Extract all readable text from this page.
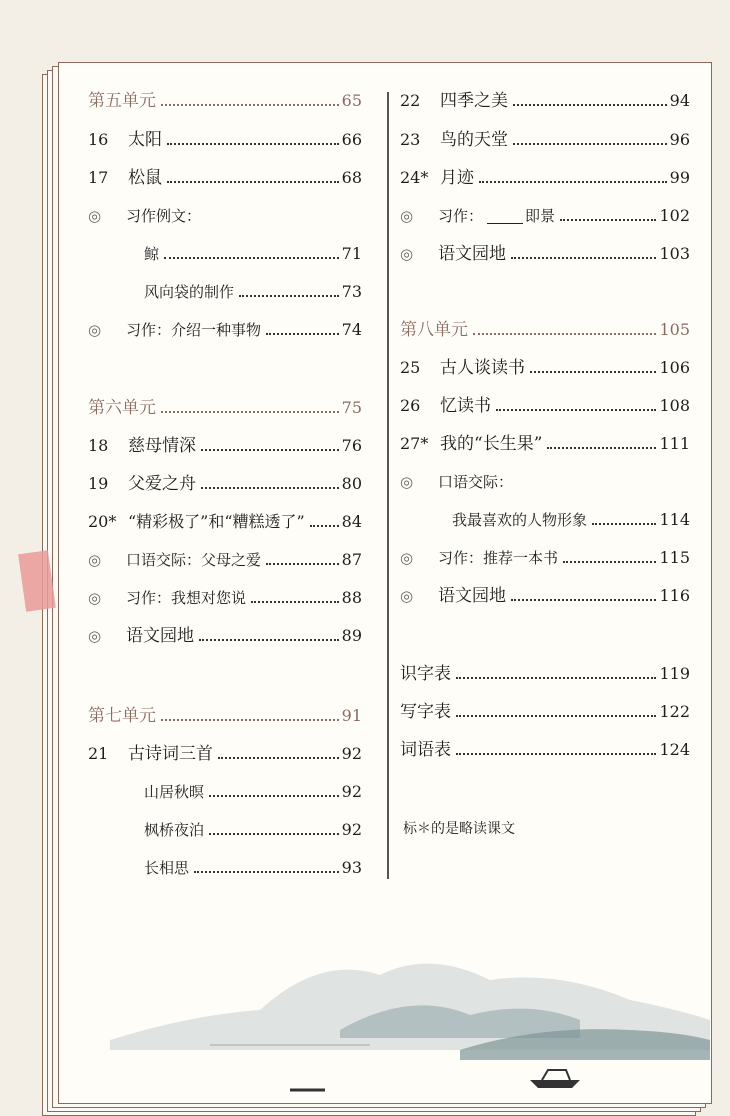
第五单元	65
16	太阳	66
17	松鼠	68
◎	习作例文：
鲸	71
风向袋的制作	73
◎	习作：介绍一种事物	74
第六单元	75
18	慈母情深	76
19	父爱之舟	80
20* “精彩极了”和“糟糕透了” 84
◎	口语交际：父母之爱	87
◎	习作：我想对您说	88
◎	语文园地	89
第七单元	91
21	古诗词三首	92
山居秋暝	92
枫桥夜泊	92
长相思	93
22	四季之美	94
23	鸟的天堂	96
24* 月迹	99
◎	习作：	即景	102
◎	语文园地	103
第八单元	105
25	古人谈读书	106
26	忆读书	108
27* 我的“长生果”	111
◎	口语交际：
我最喜欢的人物形象	114
◎	习作：推荐一本书	115
◎	语文园地	116
识字表	119
写字表	122
词语表	124
标＊的是略读课文
